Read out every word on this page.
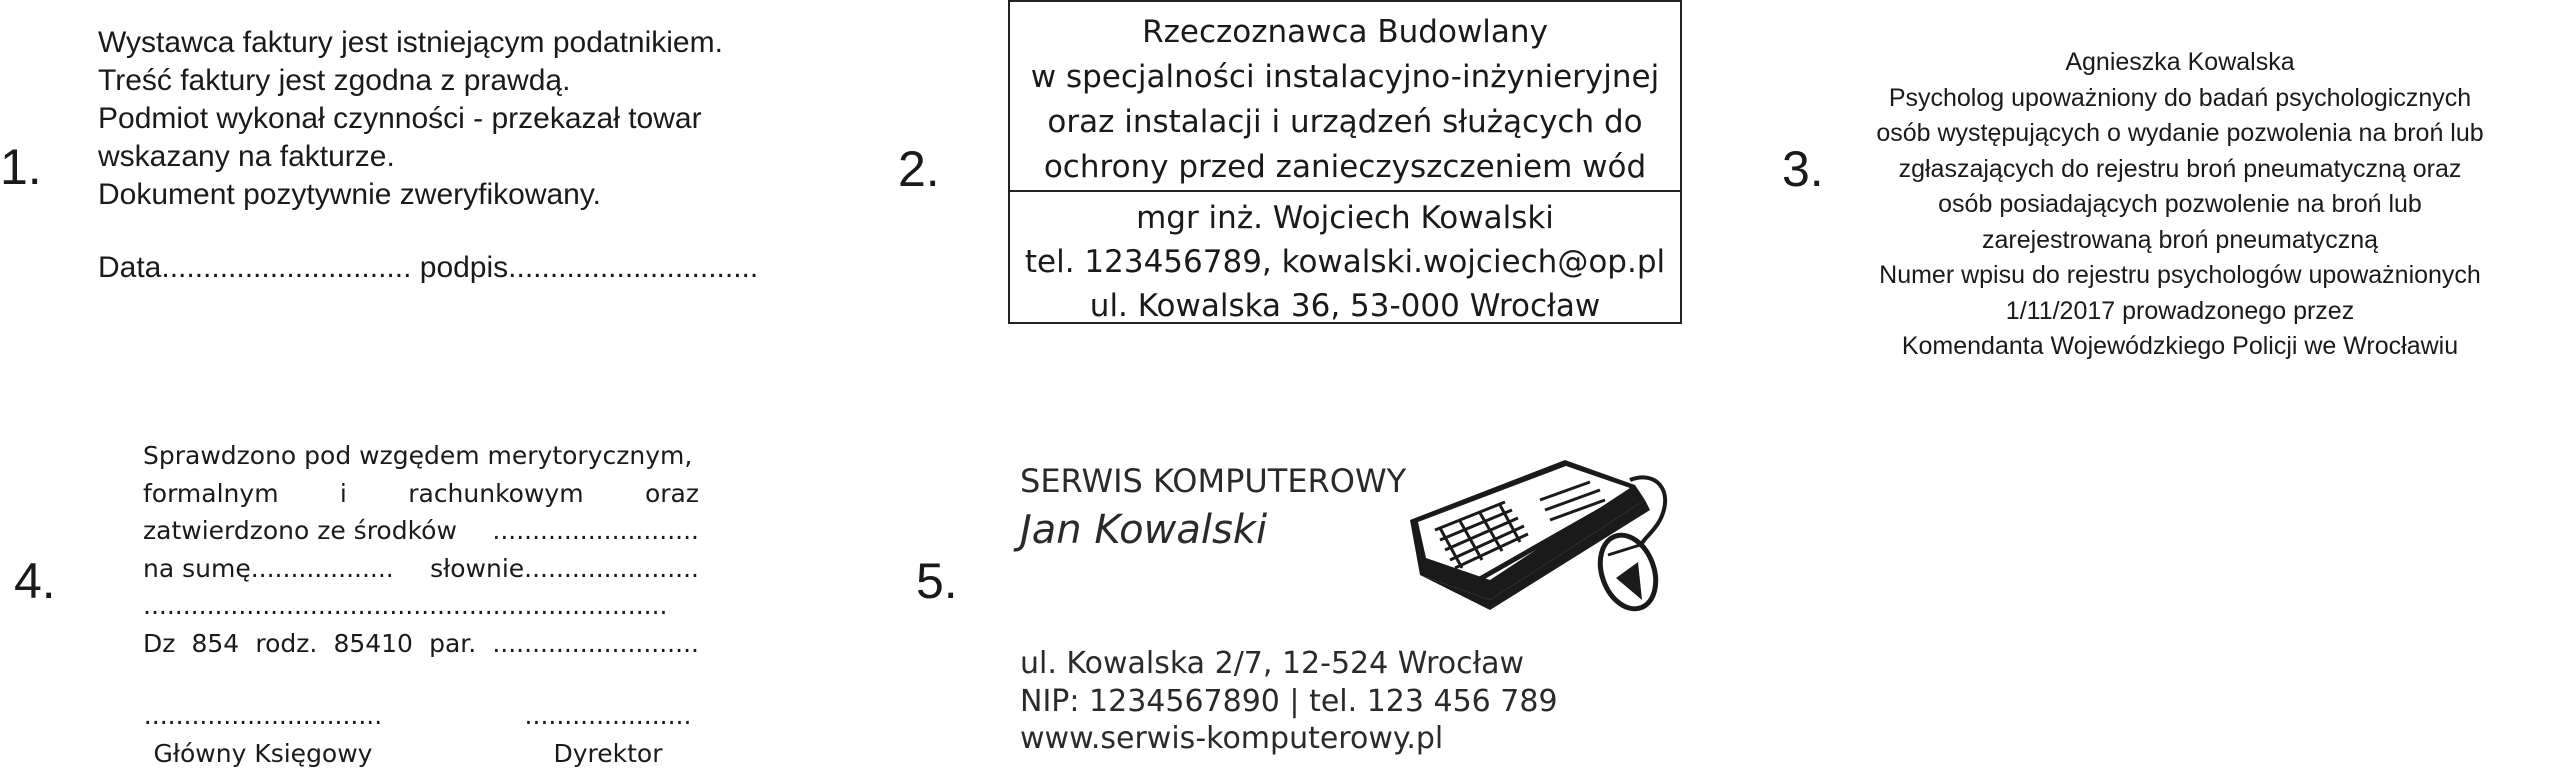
1.
Wystawca faktury jest istniejącym podatnikiem.
Treść faktury jest zgodna z prawdą.
Podmiot wykonał czynności - przekazał towar
wskazany na fakturze.
Dokument pozytywnie zweryfikowany.
Data.............................. podpis..............................
2.
Rzeczoznawca Budowlany
w specjalności instalacyjno-inżynieryjnej
oraz instalacji i urządzeń służących do
ochrony przed zanieczyszczeniem wód
mgr inż. Wojciech Kowalski
tel. 123456789, kowalski.wojciech@op.pl
ul. Kowalska 36, 53-000 Wrocław
3.
Agnieszka Kowalska
Psycholog upoważniony do badań psychologicznych
osób występujących o wydanie pozwolenia na broń lub
zgłaszających do rejestru broń pneumatyczną oraz
osób posiadających pozwolenie na broń lub
zarejestrowaną broń pneumatyczną
Numer wpisu do rejestru psychologów upoważnionych
1/11/2017 prowadzonego przez
Komendanta Wojewódzkiego Policji we Wrocławiu
4.
Sprawdzono pod wzgędem merytorycznym,
formalnym i rachunkowym oraz
zatwierdzono ze środków ..........................
na sumę.................. słownie......................
..................................................................
Dz 854 rodz. 85410 par. ..........................
..............................
Główny Księgowy
.....................
Dyrektor
5.
SERWIS KOMPUTEROWY
Jan Kowalski
ul. Kowalska 2/7, 12-524 Wrocław
NIP: 1234567890 | tel. 123 456 789
www.serwis-komputerowy.pl
